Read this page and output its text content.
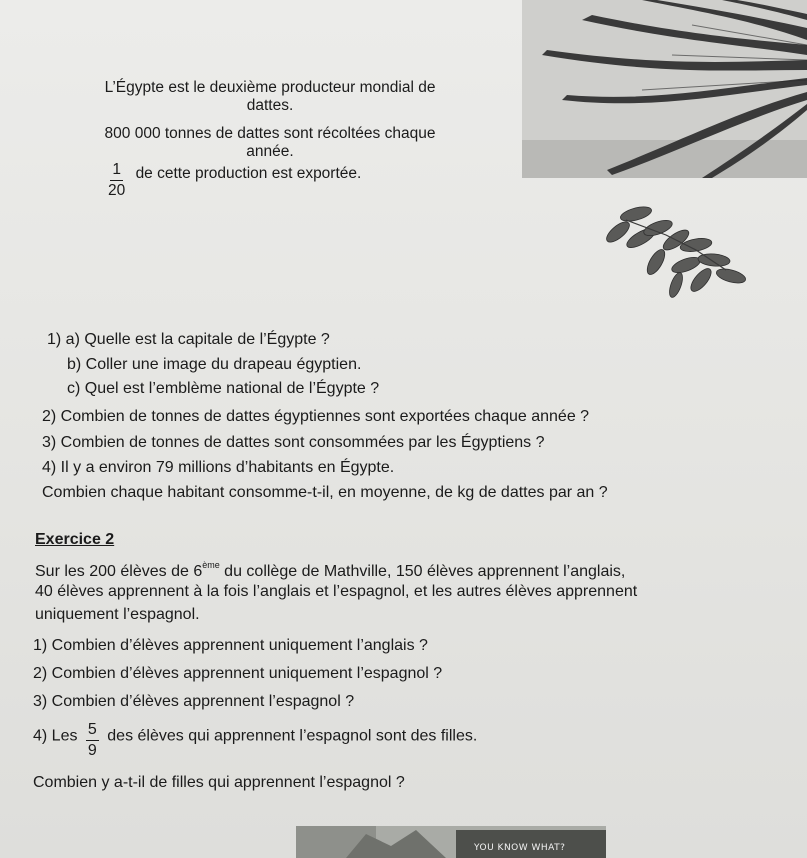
L’Égypte est le deuxième producteur mondial de
dattes.
800 000 tonnes de dattes sont récoltées chaque
année.
$\frac{1}{20}$ de cette production est exportée.
1) a) Quelle est la capitale de l’Égypte ?
b) Coller une image du drapeau égyptien.
c) Quel est l’emblème national de l’Égypte ?
2) Combien de tonnes de dattes égyptiennes sont exportées chaque année ?
3) Combien de tonnes de dattes sont consommées par les Égyptiens ?
4) Il y a environ 79 millions d’habitants en Égypte.
Combien chaque habitant consomme-t-il, en moyenne, de kg de dattes par an ?
Exercice 2
Sur les 200 élèves de 6ème du collège de Mathville, 150 élèves apprennent l’anglais,
40 élèves apprennent à la fois l’anglais et l’espagnol, et les autres élèves apprennent
uniquement l’espagnol.
1) Combien d’élèves apprennent uniquement l’anglais ?
2) Combien d’élèves apprennent uniquement l’espagnol ?
3) Combien d’élèves apprennent l’espagnol ?
4) Les $\frac{5}{9}$ des élèves qui apprennent l’espagnol sont des filles.
Combien y a-t-il de filles qui apprennent l’espagnol ?
YOU KNOW WHAT?
